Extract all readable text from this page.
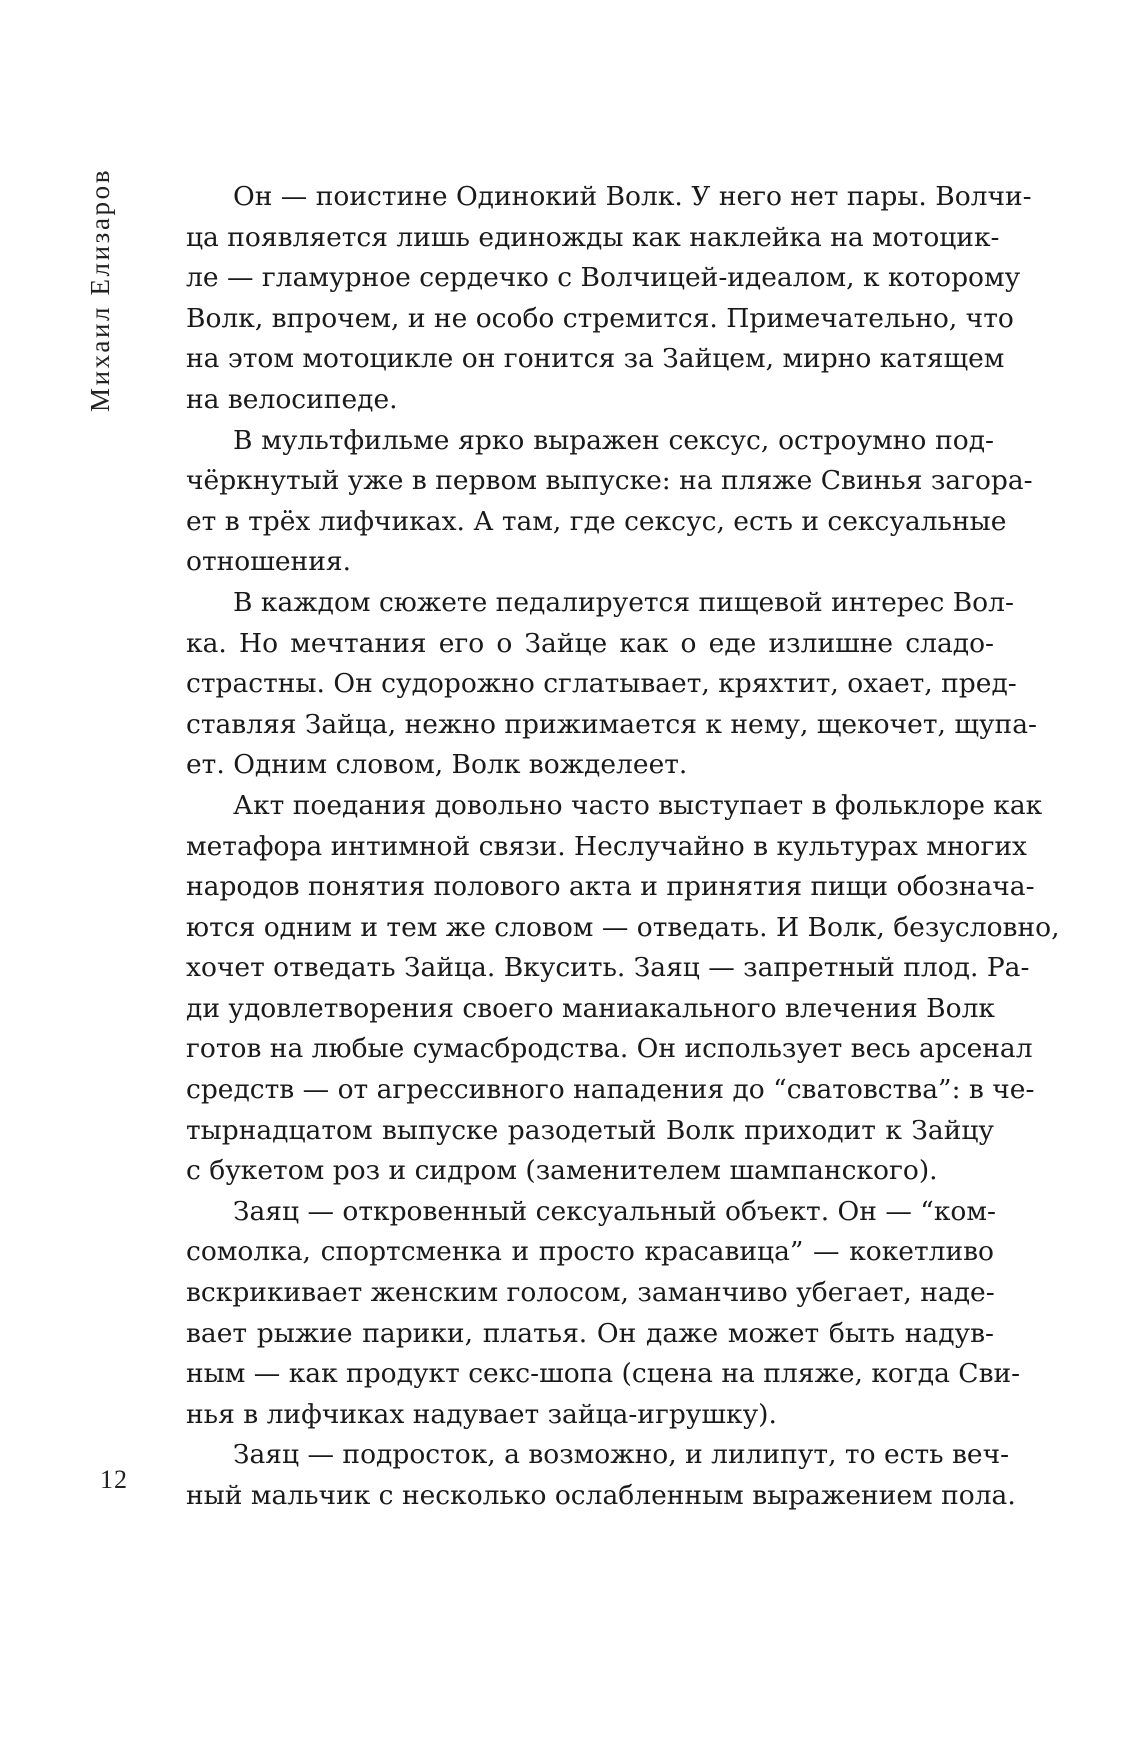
Михаил Елизаров
12

Он — поистине Одинокий Волк. У него нет пары. Волчи-
ца появляется лишь единожды как наклейка на мотоцик-
ле — гламурное сердечко с Волчицей-идеалом, к которому
Волк, впрочем, и не особо стремится. Примечательно, что
на этом мотоцикле он гонится за Зайцем, мирно катящем
на велосипеде.

В мультфильме ярко выражен сексус, остроумно под-
чёркнутый уже в первом выпуске: на пляже Свинья загора-
ет в трёх лифчиках. А там, где сексус, есть и сексуальные
отношения.

В каждом сюжете педалируется пищевой интерес Вол-
ка. Но мечтания его о Зайце как о еде излишне сладо-
страстны. Он судорожно сглатывает, кряхтит, охает, пред-
ставляя Зайца, нежно прижимается к нему, щекочет, щупа-
ет. Одним словом, Волк вожделеет.

Акт поедания довольно часто выступает в фольклоре как
метафора интимной связи. Неслучайно в культурах многих
народов понятия полового акта и принятия пищи обознача-
ются одним и тем же словом — отведать. И Волк, безусловно,
хочет отведать Зайца. Вкусить. Заяц — запретный плод. Ра-
ди удовлетворения своего маниакального влечения Волк
готов на любые сумасбродства. Он использует весь арсенал
средств — от агрессивного нападения до “сватовства”: в че-
тырнадцатом выпуске разодетый Волк приходит к Зайцу
с букетом роз и сидром (заменителем шампанского).

Заяц — откровенный сексуальный объект. Он — “ком-
сомолка, спортсменка и просто красавица” — кокетливо
вскрикивает женским голосом, заманчиво убегает, наде-
вает рыжие парики, платья. Он даже может быть надув-
ным — как продукт секс-шопа (сцена на пляже, когда Сви-
нья в лифчиках надувает зайца-игрушку).

Заяц — подросток, а возможно, и лилипут, то есть веч-
ный мальчик с несколько ослабленным выражением пола.
